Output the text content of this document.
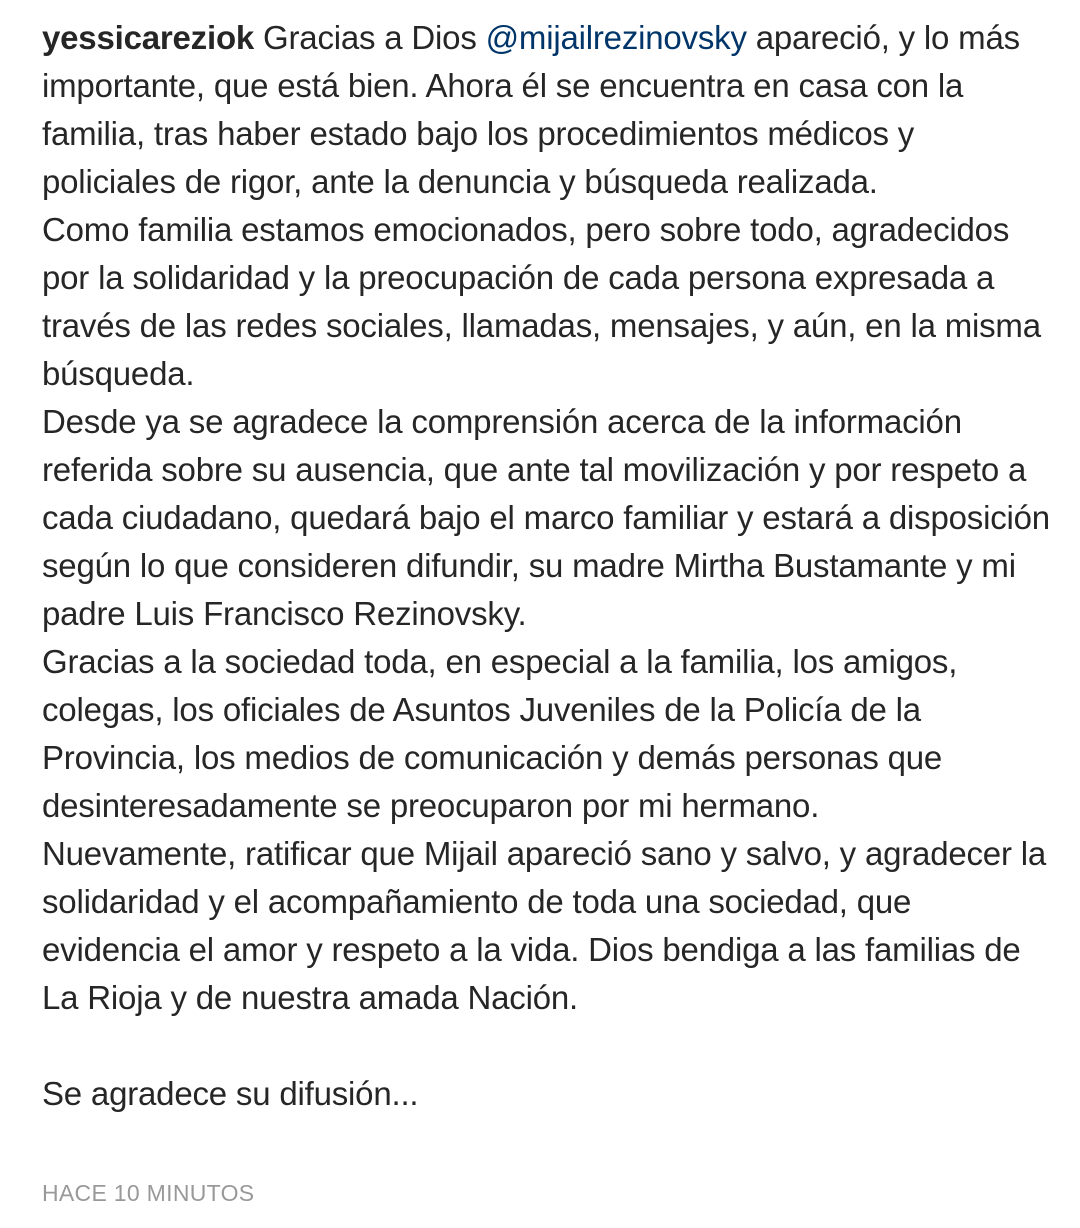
yessicareziok Gracias a Dios @mijailrezinovsky apareció, y lo más importante, que está bien. Ahora él se encuentra en casa con la familia, tras haber estado bajo los procedimientos médicos y policiales de rigor, ante la denuncia y búsqueda realizada.
Como familia estamos emocionados, pero sobre todo, agradecidos por la solidaridad y la preocupación de cada persona expresada a través de las redes sociales, llamadas, mensajes, y aún, en la misma búsqueda.
Desde ya se agradece la comprensión acerca de la información referida sobre su ausencia, que ante tal movilización y por respeto a cada ciudadano, quedará bajo el marco familiar y estará a disposición según lo que consideren difundir, su madre Mirtha Bustamante y mi padre Luis Francisco Rezinovsky.
Gracias a la sociedad toda, en especial a la familia, los amigos, colegas, los oficiales de Asuntos Juveniles de la Policía de la Provincia, los medios de comunicación y demás personas que desinteresadamente se preocuparon por mi hermano.
Nuevamente, ratificar que Mijail apareció sano y salvo, y agradecer la solidaridad y el acompañamiento de toda una sociedad, que evidencia el amor y respeto a la vida. Dios bendiga a las familias de La Rioja y de nuestra amada Nación.
Se agradece su difusión...
HACE 10 MINUTOS
